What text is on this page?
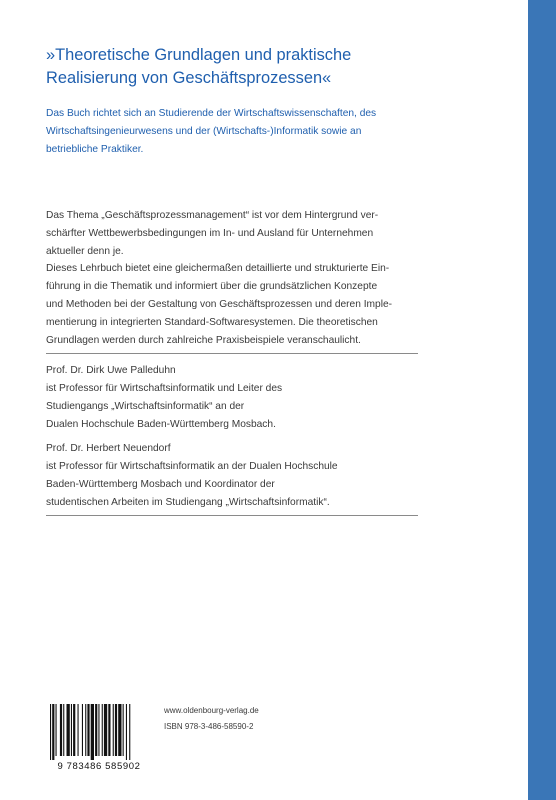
»Theoretische Grundlagen und praktische
Realisierung von Geschäftsprozessen«
Das Buch richtet sich an Studierende der Wirtschaftswissenschaften, des
Wirtschaftsingenieurwesens und der (Wirtschafts-)Informatik sowie an
betriebliche Praktiker.
Das Thema „Geschäftsprozessmanagement“ ist vor dem Hintergrund ver-
schärfter Wettbewerbsbedingungen im In- und Ausland für Unternehmen
aktueller denn je.
Dieses Lehrbuch bietet eine gleichermaßen detaillierte und strukturierte Ein-
führung in die Thematik und informiert über die grundsätzlichen Konzepte
und Methoden bei der Gestaltung von Geschäftsprozessen und deren Imple-
mentierung in integrierten Standard-Softwaresystemen. Die theoretischen
Grundlagen werden durch zahlreiche Praxisbeispiele veranschaulicht.
Prof. Dr. Dirk Uwe Palleduhn
ist Professor für Wirtschaftsinformatik und Leiter des
Studiengangs „Wirtschaftsinformatik“ an der
Dualen Hochschule Baden-Württemberg Mosbach.
Prof. Dr. Herbert Neuendorf
ist Professor für Wirtschaftsinformatik an der Dualen Hochschule
Baden-Württemberg Mosbach und Koordinator der
studentischen Arbeiten im Studiengang „Wirtschaftsinformatik“.
9 783486 585902
www.oldenbourg-verlag.de
ISBN 978-3-486-58590-2
